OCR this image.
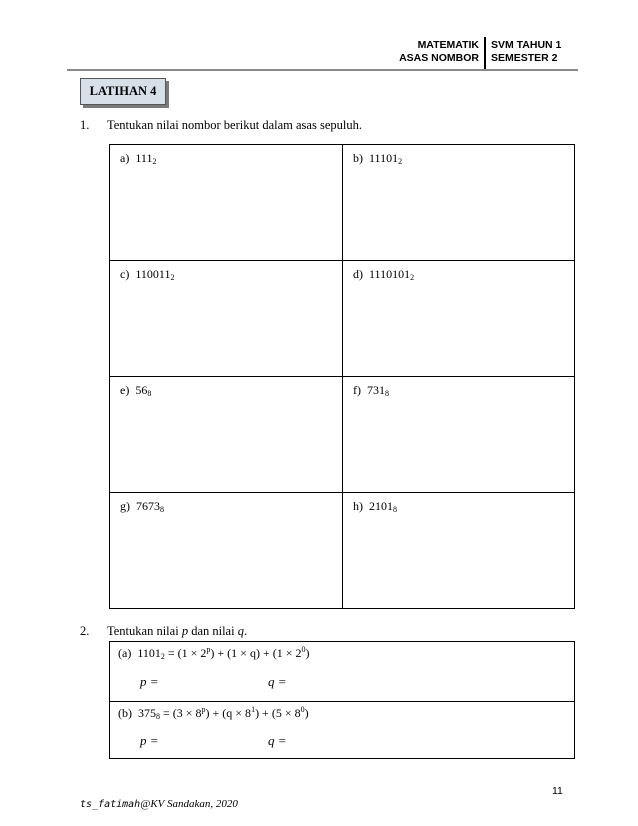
MATEMATIK
ASAS NOMBOR
SVM TAHUN 1
SEMESTER 2
LATIHAN 4
1. Tentukan nilai nombor berikut dalam asas sepuluh.
a) $111_2$	b) $11101_2$
c) $110011_2$	d) $1110101_2$
e) $56_8$	f) $731_8$
g) $7673_8$	h) $2101_8$
2. Tentukan nilai p dan nilai q.
(a) $1101_2 = (1 \times 2^p) + (1 \times q) + (1 \times 2^0)$
p =	q =
(b) $375_8 = (3 \times 8^p) + (q \times 8^1) + (5 \times 8^0)$
p =	q =
11
ts_fatimah@KV Sandakan, 2020
